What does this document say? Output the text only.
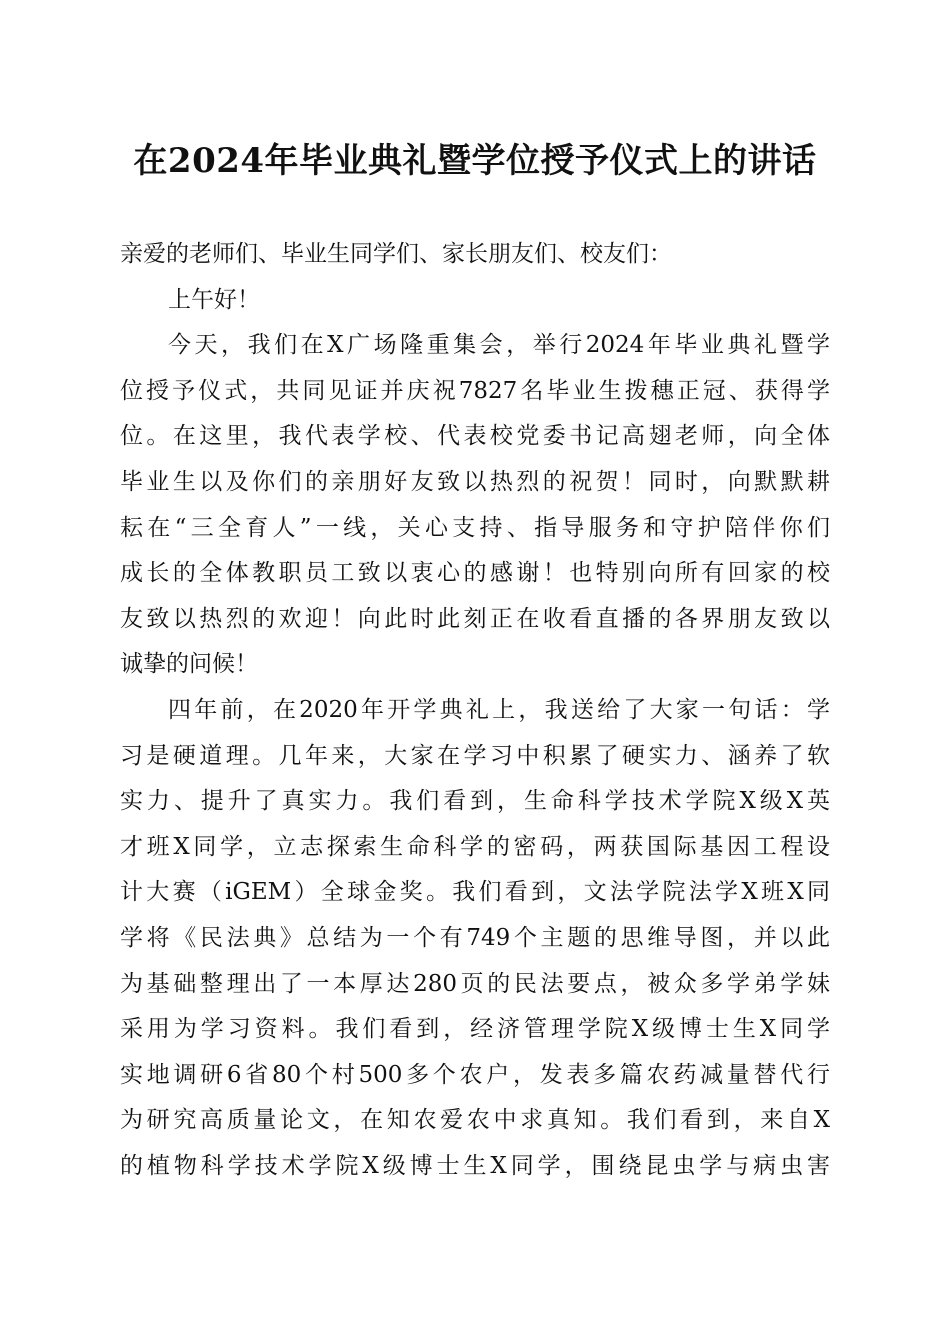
在2024年毕业典礼暨学位授予仪式上的讲话
亲爱的老师们、毕业生同学们、家长朋友们、校友们：
上午好！
今天，我们在X广场隆重集会，举行2024年毕业典礼暨学
位授予仪式，共同见证并庆祝7827名毕业生拨穗正冠、获得学
位。在这里，我代表学校、代表校党委书记高翅老师，向全体
毕业生以及你们的亲朋好友致以热烈的祝贺！同时，向默默耕
耘在“三全育人”一线，关心支持、指导服务和守护陪伴你们
成长的全体教职员工致以衷心的感谢！也特别向所有回家的校
友致以热烈的欢迎！向此时此刻正在收看直播的各界朋友致以
诚挚的问候！
四年前，在2020年开学典礼上，我送给了大家一句话：学
习是硬道理。几年来，大家在学习中积累了硬实力、涵养了软
实力、提升了真实力。我们看到，生命科学技术学院X级X英
才班X同学，立志探索生命科学的密码，两获国际基因工程设
计大赛（iGEM）全球金奖。我们看到，文法学院法学X班X同
学将《民法典》总结为一个有749个主题的思维导图，并以此
为基础整理出了一本厚达280页的民法要点，被众多学弟学妹
采用为学习资料。我们看到，经济管理学院X级博士生X同学
实地调研6省80个村500多个农户，发表多篇农药减量替代行
为研究高质量论文，在知农爱农中求真知。我们看到，来自X
的植物科学技术学院X级博士生X同学，围绕昆虫学与病虫害
